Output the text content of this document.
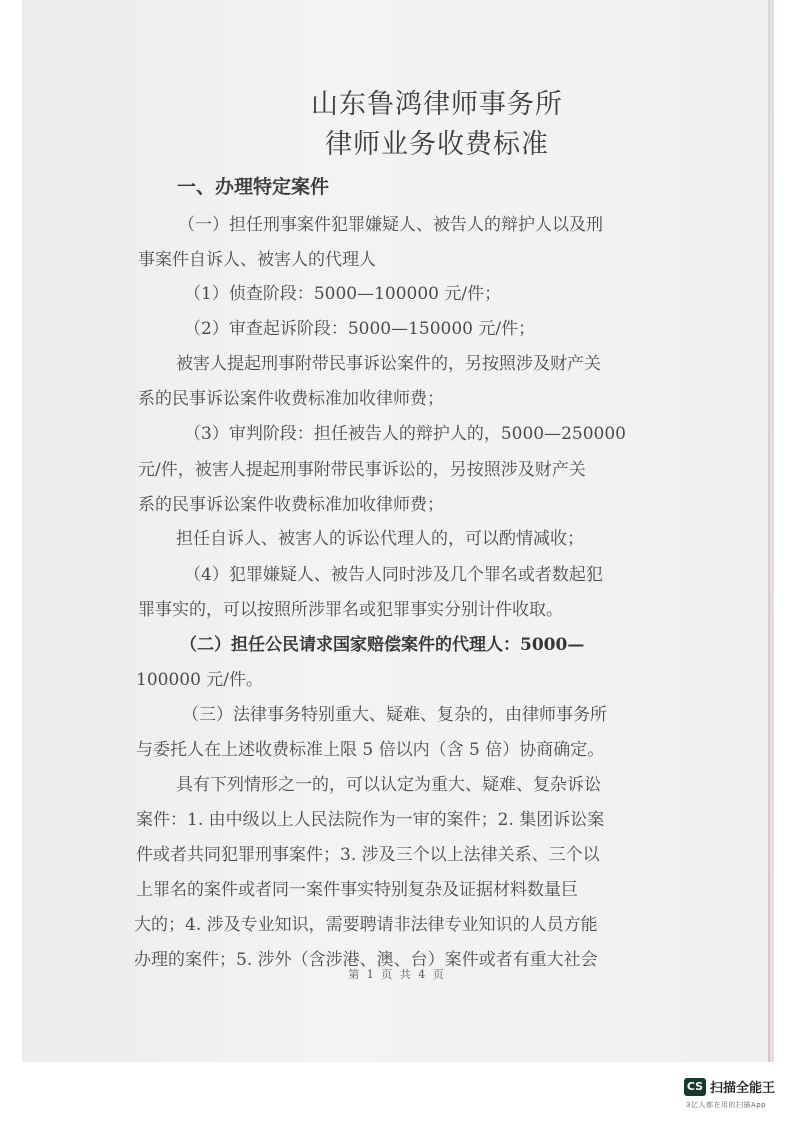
山东鲁鸿律师事务所
律师业务收费标准
一、办理特定案件
（一）担任刑事案件犯罪嫌疑人、被告人的辩护人以及刑
事案件自诉人、被害人的代理人
（1）侦查阶段：5000—100000 元/件；
（2）审查起诉阶段：5000—150000 元/件；
被害人提起刑事附带民事诉讼案件的，另按照涉及财产关
系的民事诉讼案件收费标准加收律师费；
（3）审判阶段：担任被告人的辩护人的，5000—250000
元/件，被害人提起刑事附带民事诉讼的，另按照涉及财产关
系的民事诉讼案件收费标准加收律师费；
担任自诉人、被害人的诉讼代理人的，可以酌情减收；
（4）犯罪嫌疑人、被告人同时涉及几个罪名或者数起犯
罪事实的，可以按照所涉罪名或犯罪事实分别计件收取。
（二）担任公民请求国家赔偿案件的代理人：5000—
100000 元/件。
（三）法律事务特别重大、疑难、复杂的，由律师事务所
与委托人在上述收费标准上限 5 倍以内（含 5 倍）协商确定。
具有下列情形之一的，可以认定为重大、疑难、复杂诉讼
案件：1. 由中级以上人民法院作为一审的案件；2. 集团诉讼案
件或者共同犯罪刑事案件；3. 涉及三个以上法律关系、三个以
上罪名的案件或者同一案件事实特别复杂及证据材料数量巨
大的；4. 涉及专业知识，需要聘请非法律专业知识的人员方能
办理的案件；5. 涉外（含涉港、澳、台）案件或者有重大社会
第 1 页 共 4 页
CS 扫描全能王
3亿人都在用的扫描App
